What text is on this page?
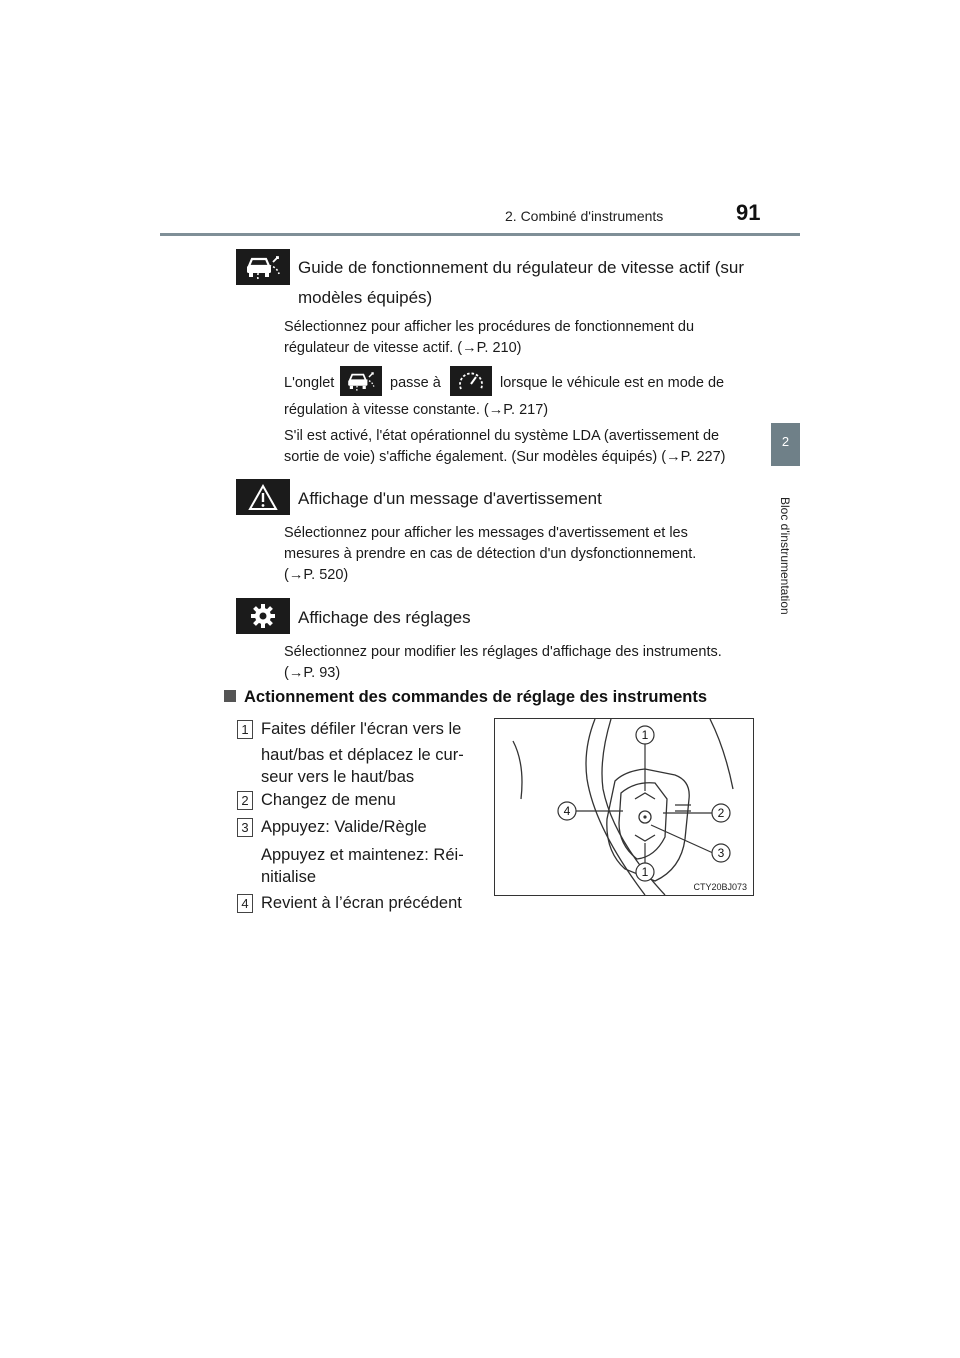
2. Combiné d'instruments	91
2
Bloc d'instrumentation
Guide de fonctionnement du régulateur de vitesse actif (sur
modèles équipés)
Sélectionnez pour afficher les procédures de fonctionnement du
régulateur de vitesse actif. (→P. 210)
L'onglet	passe à	lorsque le véhicule est en mode de
régulation à vitesse constante. (→P. 217)
S'il est activé, l'état opérationnel du système LDA (avertissement de
sortie de voie) s'affiche également. (Sur modèles équipés) (→P. 227)
Affichage d'un message d'avertissement
Sélectionnez pour afficher les messages d'avertissement et les
mesures à prendre en cas de détection d'un dysfonctionnement.
(→P. 520)
Affichage des réglages
Sélectionnez pour modifier les réglages d'affichage des instruments.
(→P. 93)
Actionnement des commandes de réglage des instruments
1 Faites défiler l'écran vers le
haut/bas et déplacez le cur-
seur vers le haut/bas
2 Changez de menu
3 Appuyez: Valide/Règle
Appuyez et maintenez: Réi-
nitialise
4 Revient à l’écran précédent
1
2
3
4
1
CTY20BJ073
